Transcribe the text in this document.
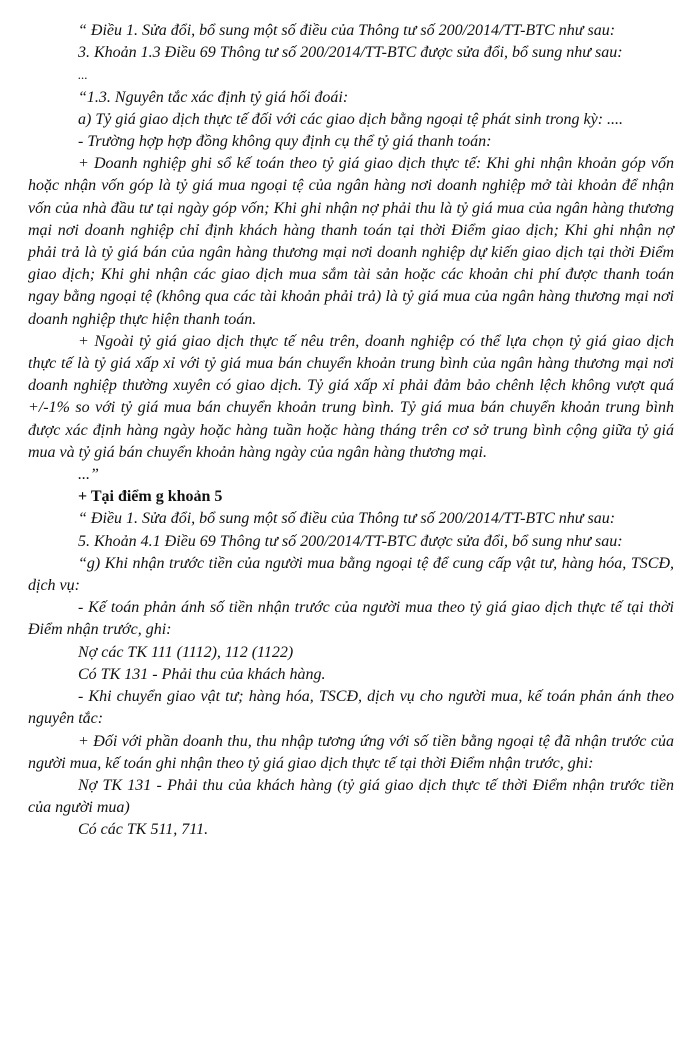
“ Điều 1. Sửa đổi, bổ sung một số điều của Thông tư số 200/2014/TT-BTC như sau:

3. Khoản 1.3 Điều 69 Thông tư số 200/2014/TT-BTC được sửa đổi, bổ sung như sau:

...

“1.3. Nguyên tắc xác định tỷ giá hối đoái:

a) Tỷ giá giao dịch thực tế đối với các giao dịch bằng ngoại tệ phát sinh trong kỳ: ....

- Trường hợp hợp đồng không quy định cụ thể tỷ giá thanh toán:

+ Doanh nghiệp ghi sổ kế toán theo tỷ giá giao dịch thực tế: Khi ghi nhận khoản góp vốn hoặc nhận vốn góp là tỷ giá mua ngoại tệ của ngân hàng nơi doanh nghiệp mở tài khoản để nhận vốn của nhà đầu tư tại ngày góp vốn; Khi ghi nhận nợ phải thu là tỷ giá mua của ngân hàng thương mại nơi doanh nghiệp chỉ định khách hàng thanh toán tại thời Điểm giao dịch; Khi ghi nhận nợ phải trả là tỷ giá bán của ngân hàng thương mại nơi doanh nghiệp dự kiến giao dịch tại thời Điểm giao dịch; Khi ghi nhận các giao dịch mua sắm tài sản hoặc các khoản chi phí được thanh toán ngay bằng ngoại tệ (không qua các tài khoản phải trả) là tỷ giá mua của ngân hàng thương mại nơi doanh nghiệp thực hiện thanh toán.

+ Ngoài tỷ giá giao dịch thực tế nêu trên, doanh nghiệp có thể lựa chọn tỷ giá giao dịch thực tế là tỷ giá xấp xỉ với tỷ giá mua bán chuyển khoản trung bình của ngân hàng thương mại nơi doanh nghiệp thường xuyên có giao dịch. Tỷ giá xấp xỉ phải đảm bảo chênh lệch không vượt quá +/-1% so với tỷ giá mua bán chuyển khoản trung bình. Tỷ giá mua bán chuyển khoản trung bình được xác định hàng ngày hoặc hàng tuần hoặc hàng tháng trên cơ sở trung bình cộng giữa tỷ giá mua và tỷ giá bán chuyển khoản hàng ngày của ngân hàng thương mại.

...”

+ Tại điểm g khoản 5

“ Điều 1. Sửa đổi, bổ sung một số điều của Thông tư số 200/2014/TT-BTC như sau:

5. Khoản 4.1 Điều 69 Thông tư số 200/2014/TT-BTC được sửa đổi, bổ sung như sau:

“g) Khi nhận trước tiền của người mua bằng ngoại tệ để cung cấp vật tư, hàng hóa, TSCĐ, dịch vụ:

- Kế toán phản ánh số tiền nhận trước của người mua theo tỷ giá giao dịch thực tế tại thời Điểm nhận trước, ghi:

Nợ các TK 111 (1112), 112 (1122)

Có TK 131 - Phải thu của khách hàng.

- Khi chuyển giao vật tư; hàng hóa, TSCĐ, dịch vụ cho người mua, kế toán phản ánh theo nguyên tắc:

+ Đối với phần doanh thu, thu nhập tương ứng với số tiền bằng ngoại tệ đã nhận trước của người mua, kế toán ghi nhận theo tỷ giá giao dịch thực tế tại thời Điểm nhận trước, ghi:

Nợ TK 131 - Phải thu của khách hàng (tỷ giá giao dịch thực tế thời Điểm nhận trước tiền của người mua)

Có các TK 511, 711.
